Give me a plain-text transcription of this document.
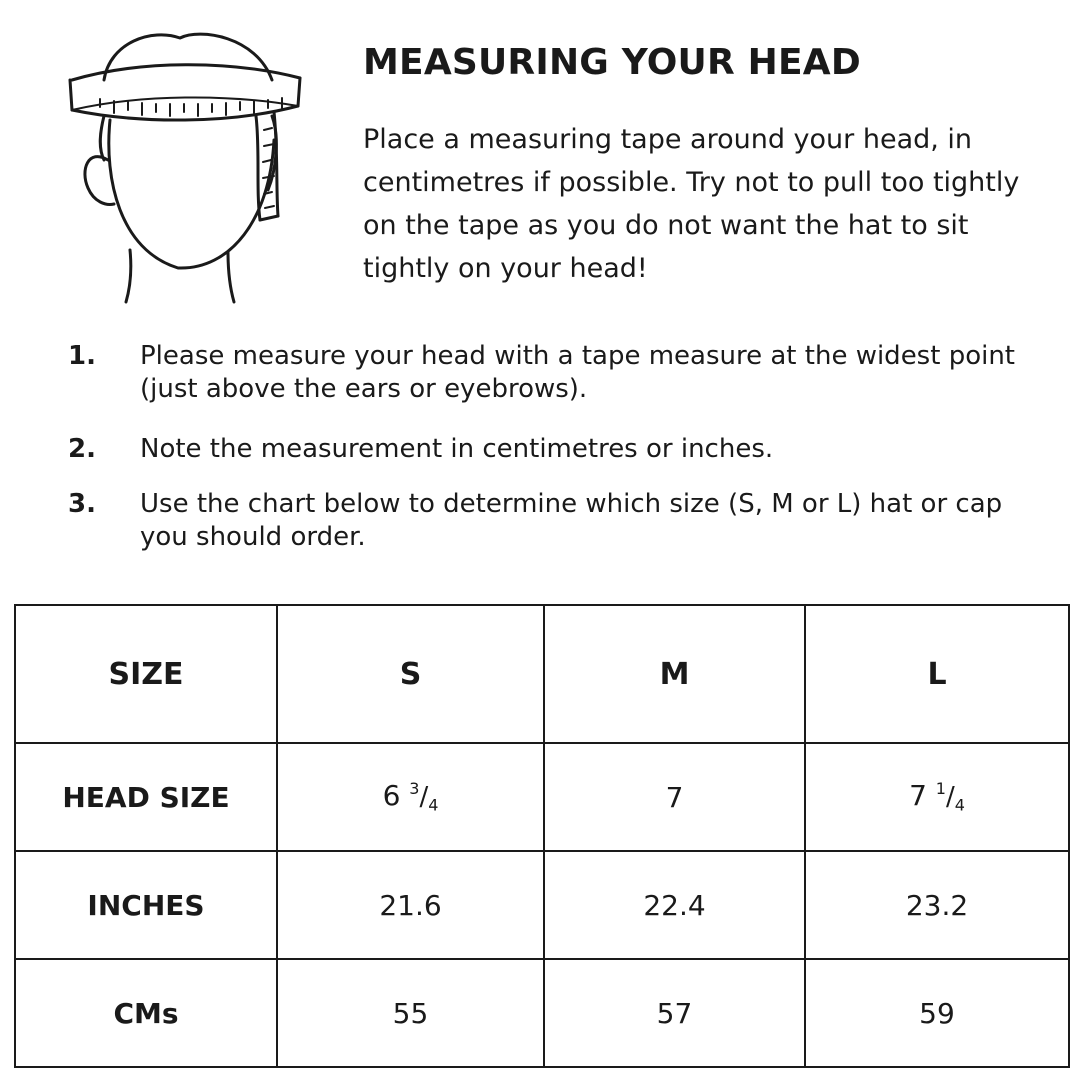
MEASURING YOUR HEAD
Place a measuring tape around your head, in centimetres if possible. Try not to pull too tightly on the tape as you do not want the hat to sit tightly on your head!
1.	Please measure your head with a tape measure at the widest point (just above the ears or eyebrows).
2.	Note the measurement in centimetres or inches.
3.	Use the chart below to determine which size (S, M or L) hat or cap you should order.
SIZE	S	M	L
HEAD SIZE	6 3/4	7	7 1/4
INCHES	21.6	22.4	23.2
CMs	55	57	59
